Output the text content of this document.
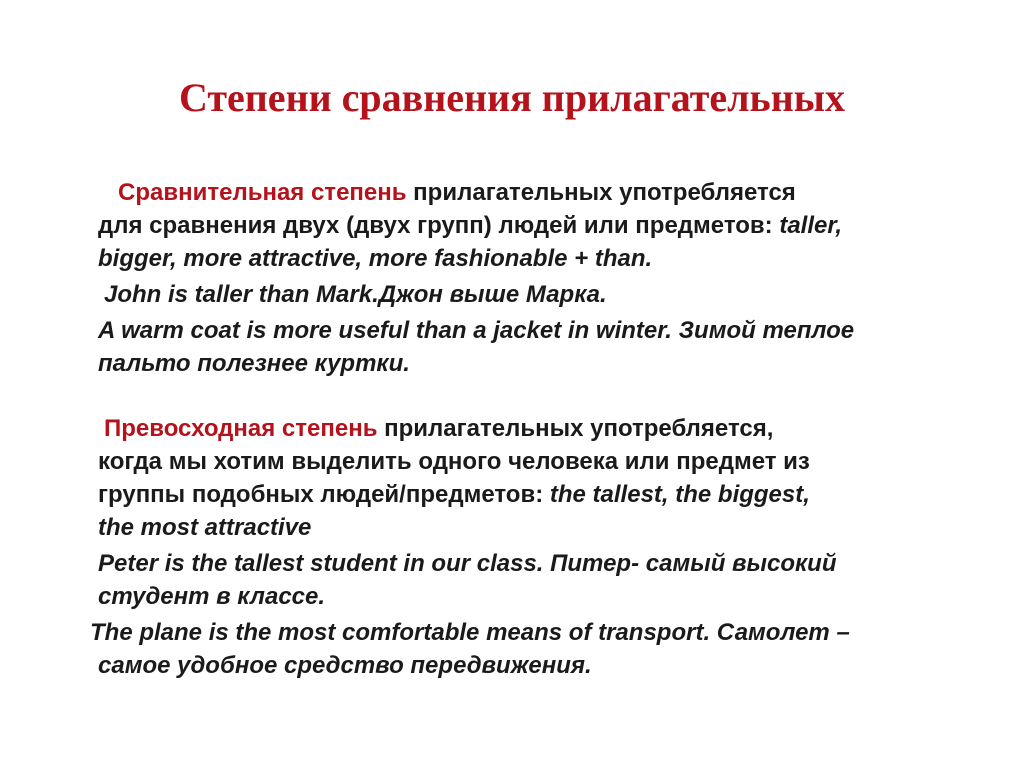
Степени сравнения прилагательных
Сравнительная степень прилагательных употребляется
для сравнения двух (двух групп) людей или предметов: taller,
bigger, more attractive, more fashionable + than.
John is taller than Mark.Джон выше Марка.
A warm coat is more useful than a jacket in winter. Зимой теплое
пальто полезнее куртки.
Превосходная степень прилагательных употребляется,
когда мы хотим выделить одного человека или предмет из
группы подобных людей/предметов: the tallest, the biggest,
the most attractive
Peter is the tallest student in our class. Питер- самый высокий
студент в классе.
The plane is the most comfortable means of transport. Самолет –
самое удобное средство передвижения.
